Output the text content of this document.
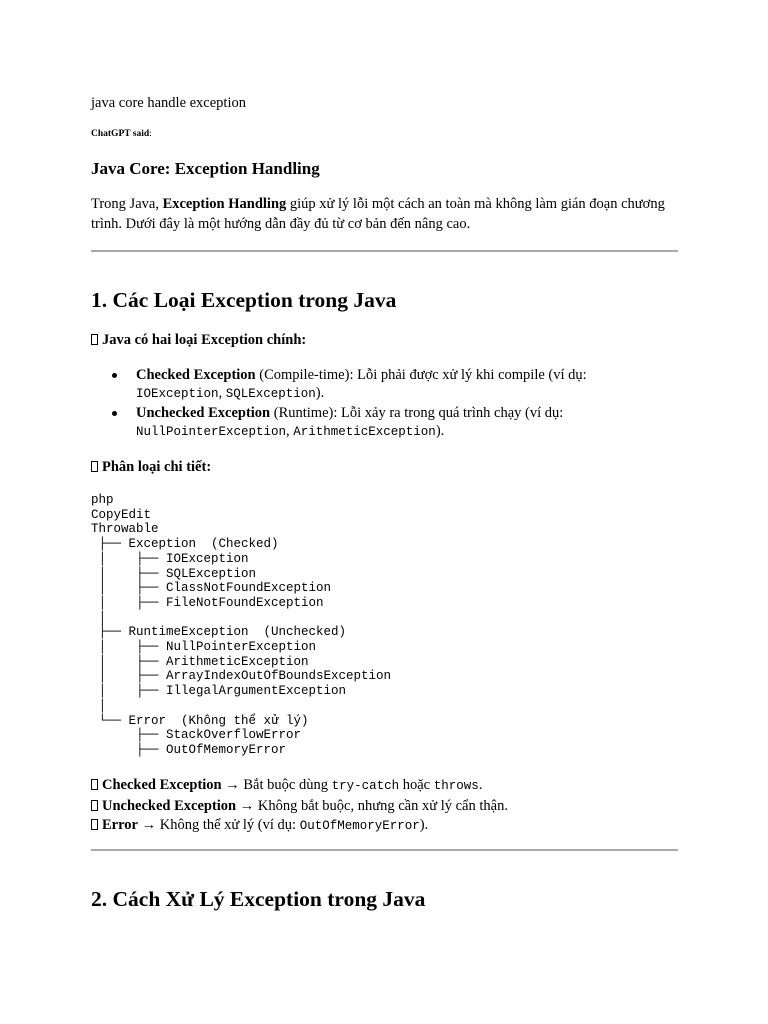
java core handle exception
ChatGPT said:
Java Core: Exception Handling
Trong Java, Exception Handling giúp xử lý lỗi một cách an toàn mà không làm gián đoạn chương trình. Dưới đây là một hướng dẫn đầy đủ từ cơ bản đến nâng cao.
1. Các Loại Exception trong Java
Java có hai loại Exception chính:
Checked Exception (Compile-time): Lỗi phải được xử lý khi compile (ví dụ:
IOException, SQLException).
Unchecked Exception (Runtime): Lỗi xảy ra trong quá trình chạy (ví dụ:
NullPointerException, ArithmeticException).
Phân loại chi tiết:
php
CopyEdit
Throwable
├── Exception  (Checked)
│    ├── IOException
│    ├── SQLException
│    ├── ClassNotFoundException
│    ├── FileNotFoundException
│
├── RuntimeException  (Unchecked)
│    ├── NullPointerException
│    ├── ArithmeticException
│    ├── ArrayIndexOutOfBoundsException
│    ├── IllegalArgumentException
│
└── Error  (Không thể xử lý)
├── StackOverflowError
├── OutOfMemoryError
Checked Exception → Bắt buộc dùng try-catch hoặc throws.
Unchecked Exception → Không bắt buộc, nhưng cần xử lý cẩn thận.
Error → Không thể xử lý (ví dụ: OutOfMemoryError).
2. Cách Xử Lý Exception trong Java
